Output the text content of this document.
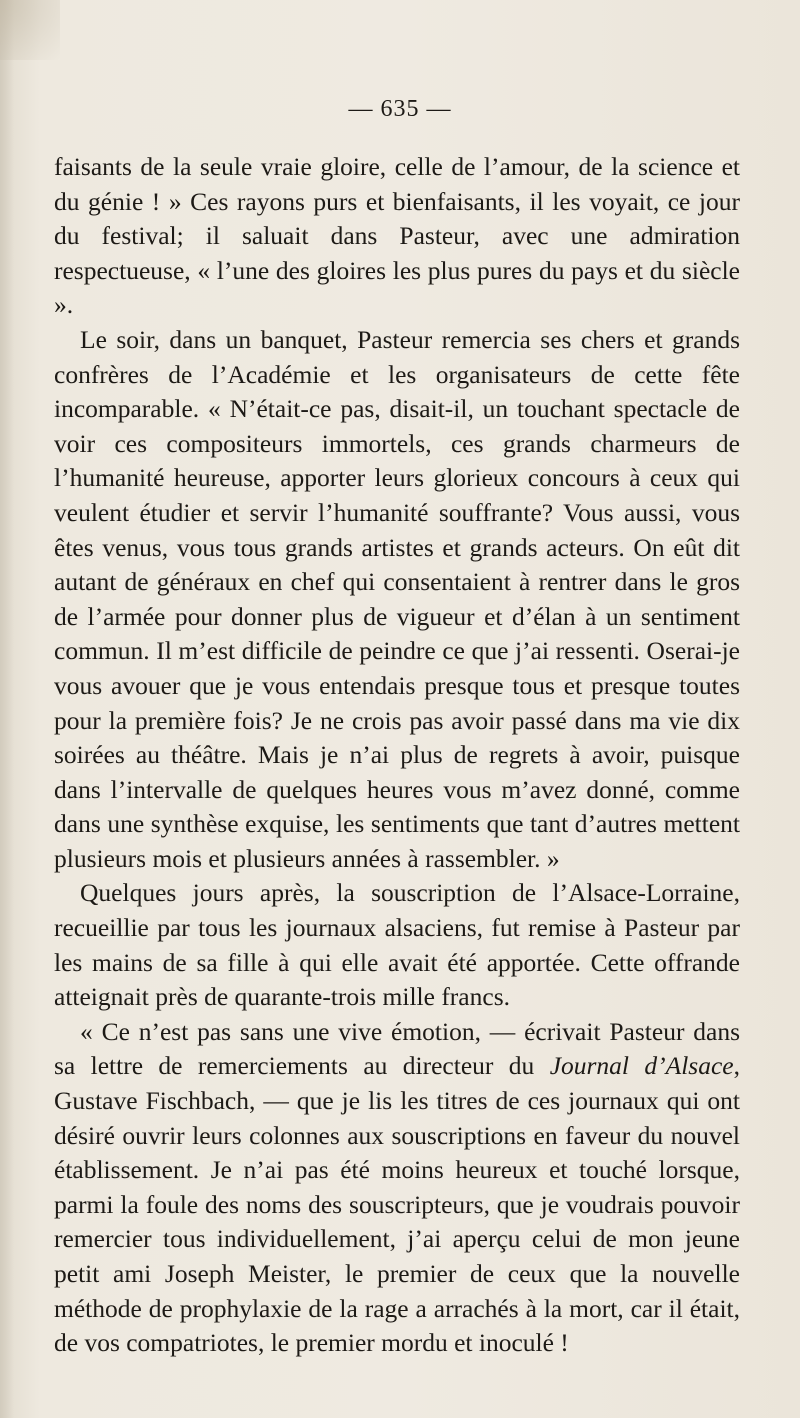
— 635 —

faisants de la seule vraie gloire, celle de l’amour, de la science et du génie ! » Ces rayons purs et bienfaisants, il les voyait, ce jour du festival; il saluait dans Pasteur, avec une admiration respectueuse, « l’une des gloires les plus pures du pays et du siècle ».

Le soir, dans un banquet, Pasteur remercia ses chers et grands confrères de l’Académie et les organisateurs de cette fête incomparable. « N’était-ce pas, disait-il, un touchant spectacle de voir ces compositeurs immortels, ces grands charmeurs de l’humanité heureuse, apporter leurs glorieux concours à ceux qui veulent étudier et servir l’humanité souffrante? Vous aussi, vous êtes venus, vous tous grands artistes et grands acteurs. On eût dit autant de généraux en chef qui consentaient à rentrer dans le gros de l’armée pour donner plus de vigueur et d’élan à un sentiment commun. Il m’est difficile de peindre ce que j’ai ressenti. Oserai-je vous avouer que je vous entendais presque tous et presque toutes pour la première fois? Je ne crois pas avoir passé dans ma vie dix soirées au théâtre. Mais je n’ai plus de regrets à avoir, puisque dans l’intervalle de quelques heures vous m’avez donné, comme dans une synthèse exquise, les sentiments que tant d’autres mettent plusieurs mois et plusieurs années à rassembler. »

Quelques jours après, la souscription de l’Alsace-Lorraine, recueillie par tous les journaux alsaciens, fut remise à Pasteur par les mains de sa fille à qui elle avait été apportée. Cette offrande atteignait près de quarante-trois mille francs.

« Ce n’est pas sans une vive émotion, — écrivait Pasteur dans sa lettre de remerciements au directeur du Journal d’Alsace, Gustave Fischbach, — que je lis les titres de ces journaux qui ont désiré ouvrir leurs colonnes aux souscriptions en faveur du nouvel établissement. Je n’ai pas été moins heureux et touché lorsque, parmi la foule des noms des souscripteurs, que je voudrais pouvoir remercier tous individuellement, j’ai aperçu celui de mon jeune petit ami Joseph Meister, le premier de ceux que la nouvelle méthode de prophylaxie de la rage a arrachés à la mort, car il était, de vos compatriotes, le premier mordu et inoculé !
